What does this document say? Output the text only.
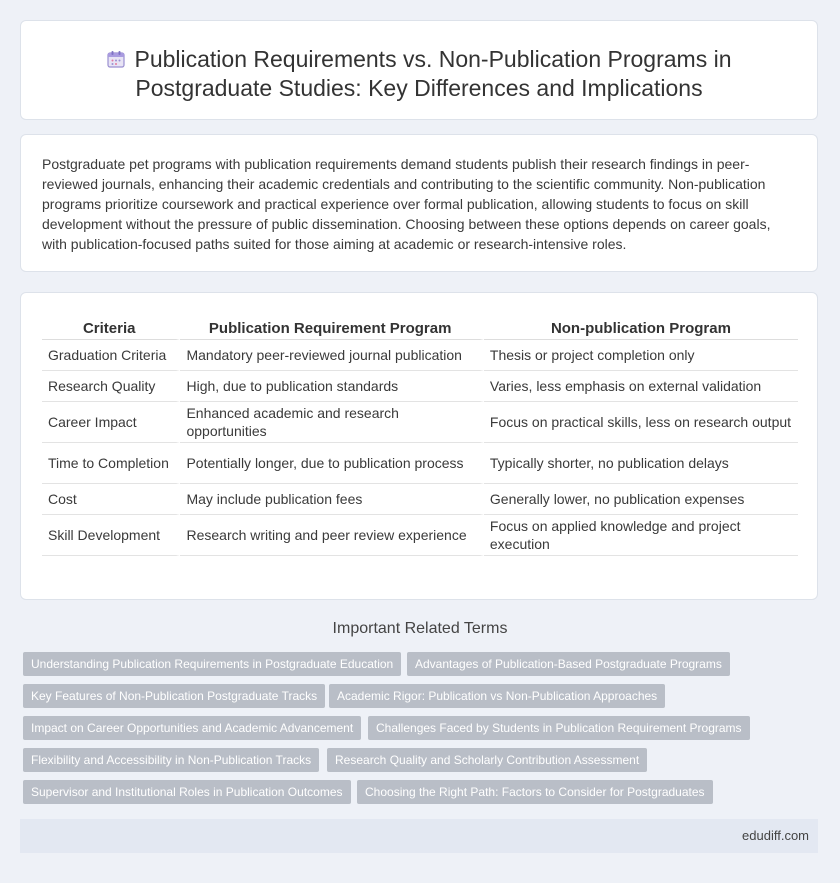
Publication Requirements vs. Non-Publication Programs in Postgraduate Studies: Key Differences and Implications

Postgraduate pet programs with publication requirements demand students publish their research findings in peer-reviewed journals, enhancing their academic credentials and contributing to the scientific community. Non-publication programs prioritize coursework and practical experience over formal publication, allowing students to focus on skill development without the pressure of public dissemination. Choosing between these options depends on career goals, with publication-focused paths suited for those aiming at academic or research-intensive roles.

Criteria	Publication Requirement Program	Non-publication Program
Graduation Criteria	Mandatory peer-reviewed journal publication	Thesis or project completion only
Research Quality	High, due to publication standards	Varies, less emphasis on external validation
Career Impact	Enhanced academic and research opportunities	Focus on practical skills, less on research output
Time to Completion	Potentially longer, due to publication process	Typically shorter, no publication delays
Cost	May include publication fees	Generally lower, no publication expenses
Skill Development	Research writing and peer review experience	Focus on applied knowledge and project execution
Important Related Terms
Understanding Publication Requirements in Postgraduate Education	Advantages of Publication-Based Postgraduate Programs
Key Features of Non-Publication Postgraduate Tracks	Academic Rigor: Publication vs Non-Publication Approaches
Impact on Career Opportunities and Academic Advancement	Challenges Faced by Students in Publication Requirement Programs
Flexibility and Accessibility in Non-Publication Tracks	Research Quality and Scholarly Contribution Assessment
Supervisor and Institutional Roles in Publication Outcomes	Choosing the Right Path: Factors to Consider for Postgraduates
edudiff.com
